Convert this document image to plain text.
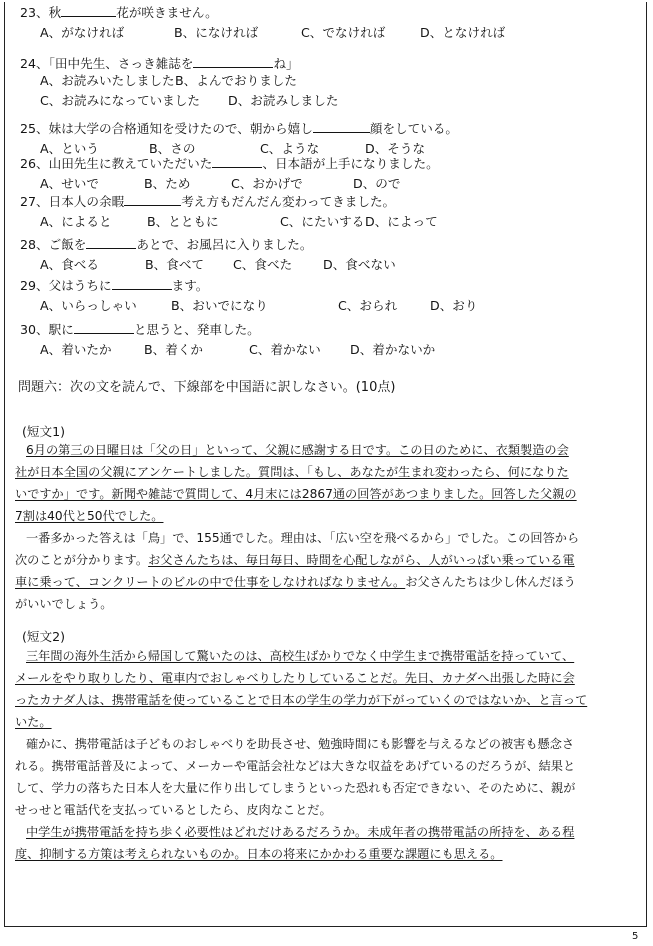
23、秋	花が咲きません。
A、がなければ	B、になければ	C、でなければ	D、となければ
24、「田中先生、さっき雑誌を	ね」
A、お読みいたしました B、よんでおりました
C、お読みになっていました D、お読みしました
25、妹は大学の合格通知を受けたので、朝から嬉し	顔をしている。
A、という	B、さの	C、ような	D、そうな
26、山田先生に教えていただいた	、日本語が上手になりました。
A、せいで	B、ため	C、おかげで	D、ので
27、日本人の余暇	考え方もだんだん変わってきました。
A、によると	B、とともに	C、にたいする D、によって
28、ご飯を	あとで、お風呂に入りました。
A、食べる	B、食べて C、食べた D、食べない
29、父はうちに	ます。
A、いらっしゃい	B、おいでになり	C、おられ	D、おり
30、駅に	と思うと、発車した。
A、着いたか	B、着くか	C、着かない D、着かないか
問題六：次の文を読んで、下線部を中国語に訳しなさい。(10点)
(短文1)
6月の第三の日曜日は「父の日」といって、父親に感謝する日です。この日のために、衣類製造の会
社が日本全国の父親にアンケートしました。質問は、「もし、あなたが生まれ変わったら、何になりた
いですか」です。新聞や雑誌で質問して、4月末には2867通の回答があつまりました。回答した父親の
7割は40代と50代でした。
一番多かった答えは「鳥」で、155通でした。理由は、「広い空を飛べるから」でした。この回答から
次のことが分かります。お父さんたちは、毎日毎日、時間を心配しながら、人がいっぱい乗っている電
車に乗って、コンクリートのビルの中で仕事をしなければなりません。お父さんたちは少し休んだほう
がいいでしょう。
(短文2)
三年間の海外生活から帰国して驚いたのは、高校生ばかりでなく中学生まで携帯電話を持っていて、
メールをやり取りしたり、電車内でおしゃべりしたりしていることだ。先日、カナダへ出張した時に会
ったカナダ人は、携帯電話を使っていることで日本の学生の学力が下がっていくのではないか、と言って
いた。
確かに、携帯電話は子どものおしゃべりを助長させ、勉強時間にも影響を与えるなどの被害も懸念さ
れる。携帯電話普及によって、メーカーや電話会社などは大きな収益をあげているのだろうが、結果と
して、学力の落ちた日本人を大量に作り出してしまうといった恐れも否定できない、そのために、親が
せっせと電話代を支払っているとしたら、皮肉なことだ。
中学生が携帯電話を持ち歩く必要性はどれだけあるだろうか。未成年者の携帯電話の所持を、ある程
度、抑制する方策は考えられないものか。日本の将来にかかわる重要な課題にも思える。
5
